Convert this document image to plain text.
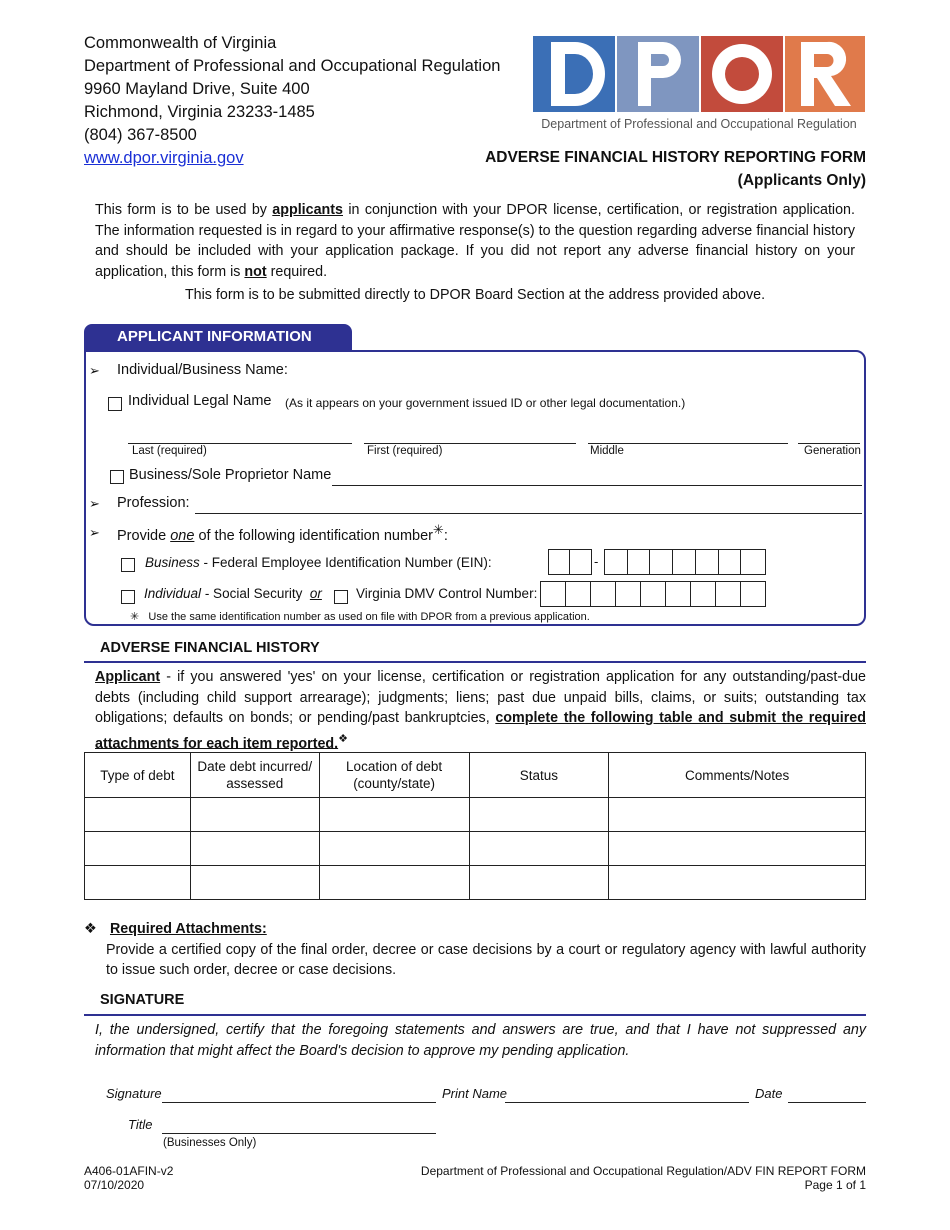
Commonwealth of Virginia
Department of Professional and Occupational Regulation
9960 Mayland Drive, Suite 400
Richmond, Virginia 23233-1485
(804) 367-8500
www.dpor.virginia.gov
Department of Professional and Occupational Regulation
ADVERSE FINANCIAL HISTORY REPORTING FORM
(Applicants Only)
This form is to be used by applicants in conjunction with your DPOR license, certification, or registration application. The information requested is in regard to your affirmative response(s) to the question regarding adverse financial history and should be included with your application package. If you did not report any adverse financial history on your application, this form is not required.
This form is to be submitted directly to DPOR Board Section at the address provided above.
APPLICANT INFORMATION
➢ Individual/Business Name:
Individual Legal Name (As it appears on your government issued ID or other legal documentation.)
Last (required)	First (required)	Middle	Generation
Business/Sole Proprietor Name
➢ Profession:
➢ Provide one of the following identification number✳:
Business - Federal Employee Identification Number (EIN):	-
Individual - Social Security or	Virginia DMV Control Number:
✳ Use the same identification number as used on file with DPOR from a previous application.
ADVERSE FINANCIAL HISTORY
Applicant - if you answered 'yes' on your license, certification or registration application for any outstanding/past-due debts (including child support arrearage); judgments; liens; past due unpaid bills, claims, or suits; outstanding tax obligations; defaults on bonds; or pending/past bankruptcies, complete the following table and submit the required attachments for each item reported.❖
Type of debt	Date debt incurred/ assessed	Location of debt (county/state)	Status	Comments/Notes

❖ Required Attachments:
Provide a certified copy of the final order, decree or case decisions by a court or regulatory agency with lawful authority to issue such order, decree or case decisions.
SIGNATURE
I, the undersigned, certify that the foregoing statements and answers are true, and that I have not suppressed any information that might affect the Board's decision to approve my pending application.
Signature	Print Name	Date
Title
(Businesses Only)
A406-01AFIN-v2
07/10/2020
Department of Professional and Occupational Regulation/ADV FIN REPORT FORM
Page 1 of 1
